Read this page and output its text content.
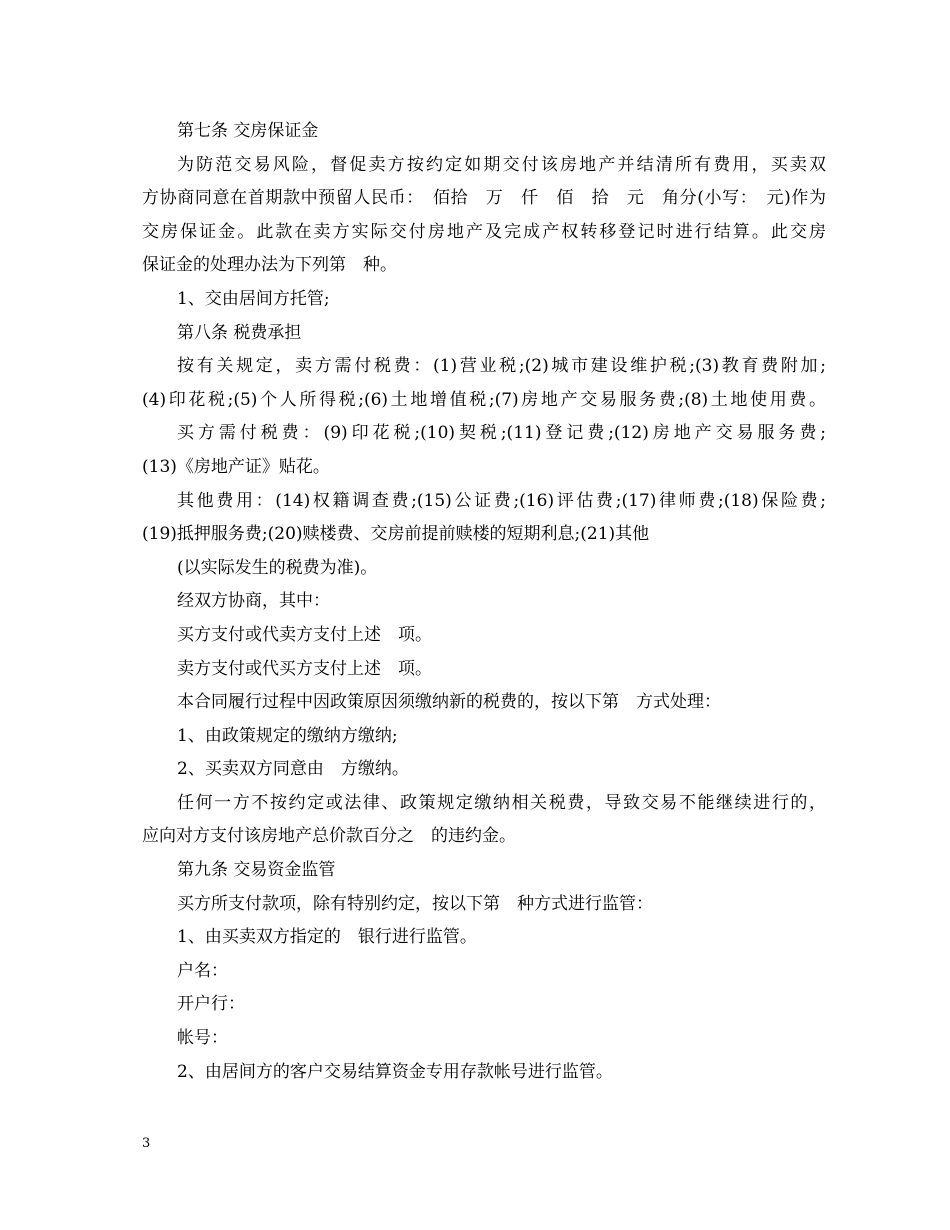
第七条 交房保证金
为防范交易风险，督促卖方按约定如期交付该房地产并结清所有费用，买卖双
方协商同意在首期款中预留人民币：　佰拾　万　仟　佰　拾　元　角分(小写：　元)作为
交房保证金。此款在卖方实际交付房地产及完成产权转移登记时进行结算。此交房
保证金的处理办法为下列第　种。
1、交由居间方托管;
第八条 税费承担
按有关规定，卖方需付税费：(1)营业税;(2)城市建设维护税;(3)教育费附加;
(4)印花税;(5)个人所得税;(6)土地增值税;(7)房地产交易服务费;(8)土地使用费。
买方需付税费：(9)印花税;(10)契税;(11)登记费;(12)房地产交易服务费;
(13)《房地产证》贴花。
其他费用：(14)权籍调查费;(15)公证费;(16)评估费;(17)律师费;(18)保险费;
(19)抵押服务费;(20)赎楼费、交房前提前赎楼的短期利息;(21)其他
(以实际发生的税费为准)。
经双方协商，其中：
买方支付或代卖方支付上述　项。
卖方支付或代买方支付上述　项。
本合同履行过程中因政策原因须缴纳新的税费的，按以下第　方式处理：
1、由政策规定的缴纳方缴纳;
2、买卖双方同意由　方缴纳。
任何一方不按约定或法律、政策规定缴纳相关税费，导致交易不能继续进行的，
应向对方支付该房地产总价款百分之　的违约金。
第九条 交易资金监管
买方所支付款项，除有特别约定，按以下第　种方式进行监管：
1、由买卖双方指定的　银行进行监管。
户名：
开户行：
帐号：
2、由居间方的客户交易结算资金专用存款帐号进行监管。
3
